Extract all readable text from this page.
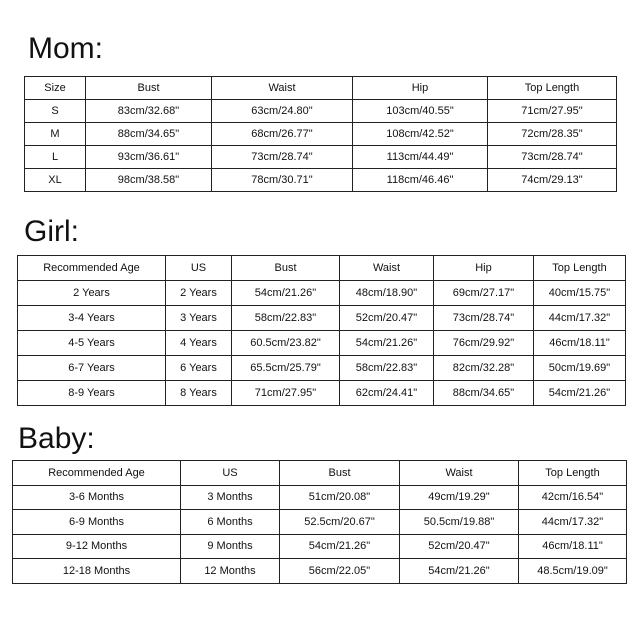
Mom:
Size	Bust	Waist	Hip	Top Length
S	83cm/32.68"	63cm/24.80"	103cm/40.55"	71cm/27.95"
M	88cm/34.65"	68cm/26.77"	108cm/42.52"	72cm/28.35"
L	93cm/36.61"	73cm/28.74"	113cm/44.49"	73cm/28.74"
XL	98cm/38.58"	78cm/30.71"	118cm/46.46"	74cm/29.13"
Girl:
Recommended Age	US	Bust	Waist	Hip	Top Length
2 Years	2 Years	54cm/21.26"	48cm/18.90"	69cm/27.17"	40cm/15.75"
3-4 Years	3 Years	58cm/22.83"	52cm/20.47"	73cm/28.74"	44cm/17.32"
4-5 Years	4 Years	60.5cm/23.82"	54cm/21.26"	76cm/29.92"	46cm/18.11"
6-7 Years	6 Years	65.5cm/25.79"	58cm/22.83"	82cm/32.28"	50cm/19.69"
8-9 Years	8 Years	71cm/27.95"	62cm/24.41"	88cm/34.65"	54cm/21.26"
Baby:
Recommended Age	US	Bust	Waist	Top Length
3-6 Months	3 Months	51cm/20.08"	49cm/19.29"	42cm/16.54"
6-9 Months	6 Months	52.5cm/20.67"	50.5cm/19.88"	44cm/17.32"
9-12 Months	9 Months	54cm/21.26"	52cm/20.47"	46cm/18.11"
12-18 Months	12 Months	56cm/22.05"	54cm/21.26"	48.5cm/19.09"
